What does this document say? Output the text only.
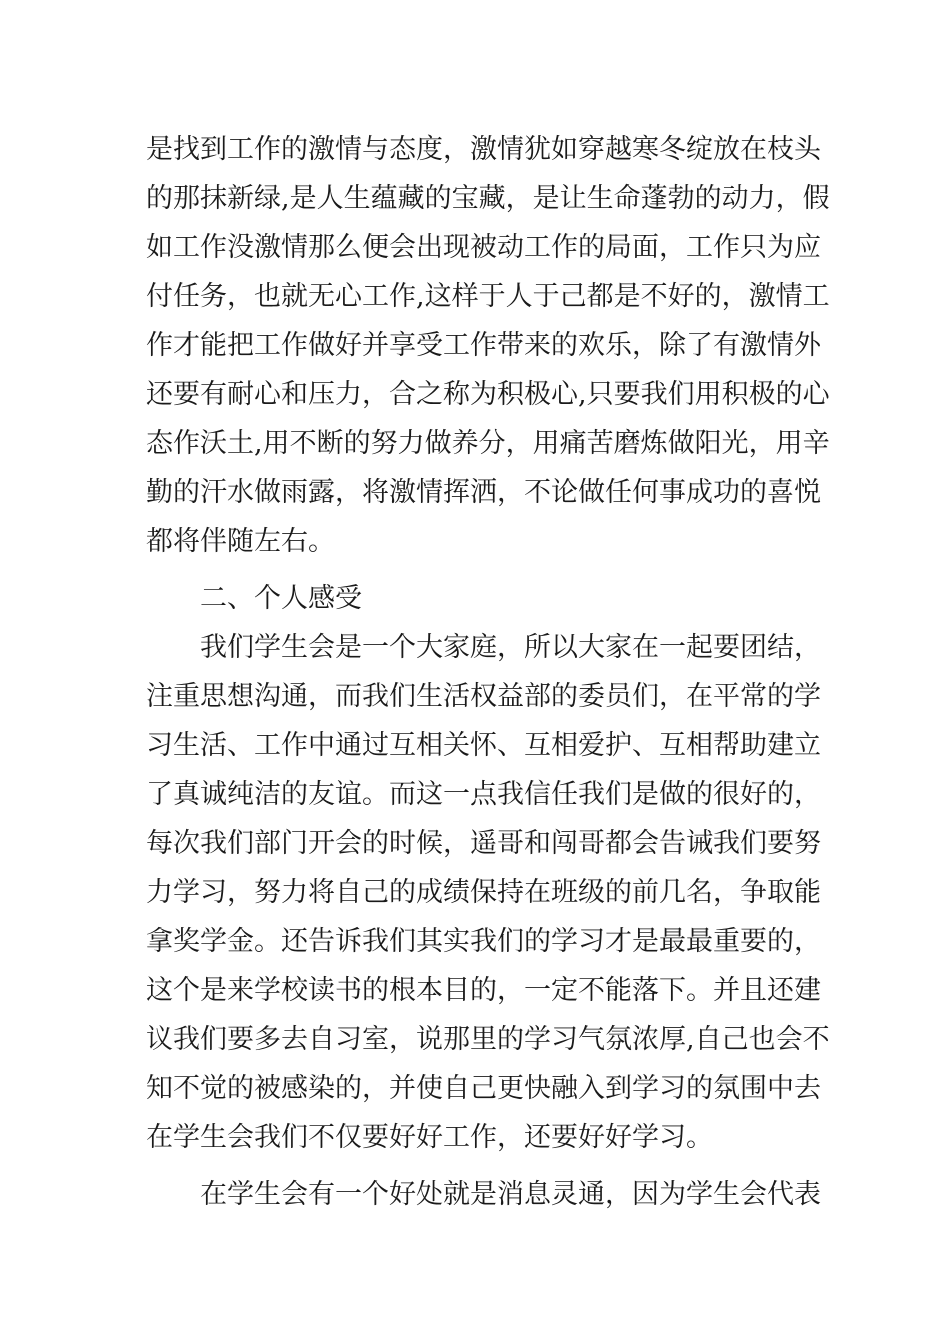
是找到工作的激情与态度，激情犹如穿越寒冬绽放在枝头
的那抹新绿,是人生蕴藏的宝藏，是让生命蓬勃的动力，假
如工作没激情那么便会出现被动工作的局面，工作只为应
付任务，也就无心工作,这样于人于己都是不好的，激情工
作才能把工作做好并享受工作带来的欢乐，除了有激情外
还要有耐心和压力，合之称为积极心,只要我们用积极的心
态作沃土,用不断的努力做养分，用痛苦磨炼做阳光，用辛
勤的汗水做雨露，将激情挥洒，不论做任何事成功的喜悦
都将伴随左右。
二、个人感受
我们学生会是一个大家庭，所以大家在一起要团结，
注重思想沟通，而我们生活权益部的委员们，在平常的学
习生活、工作中通过互相关怀、互相爱护、互相帮助建立
了真诚纯洁的友谊。而这一点我信任我们是做的很好的，
每次我们部门开会的时候，遥哥和闯哥都会告诫我们要努
力学习，努力将自己的成绩保持在班级的前几名，争取能
拿奖学金。还告诉我们其实我们的学习才是最最重要的，
这个是来学校读书的根本目的，一定不能落下。并且还建
议我们要多去自习室，说那里的学习气氛浓厚,自己也会不
知不觉的被感染的，并使自己更快融入到学习的氛围中去
在学生会我们不仅要好好工作，还要好好学习。
在学生会有一个好处就是消息灵通，因为学生会代表
